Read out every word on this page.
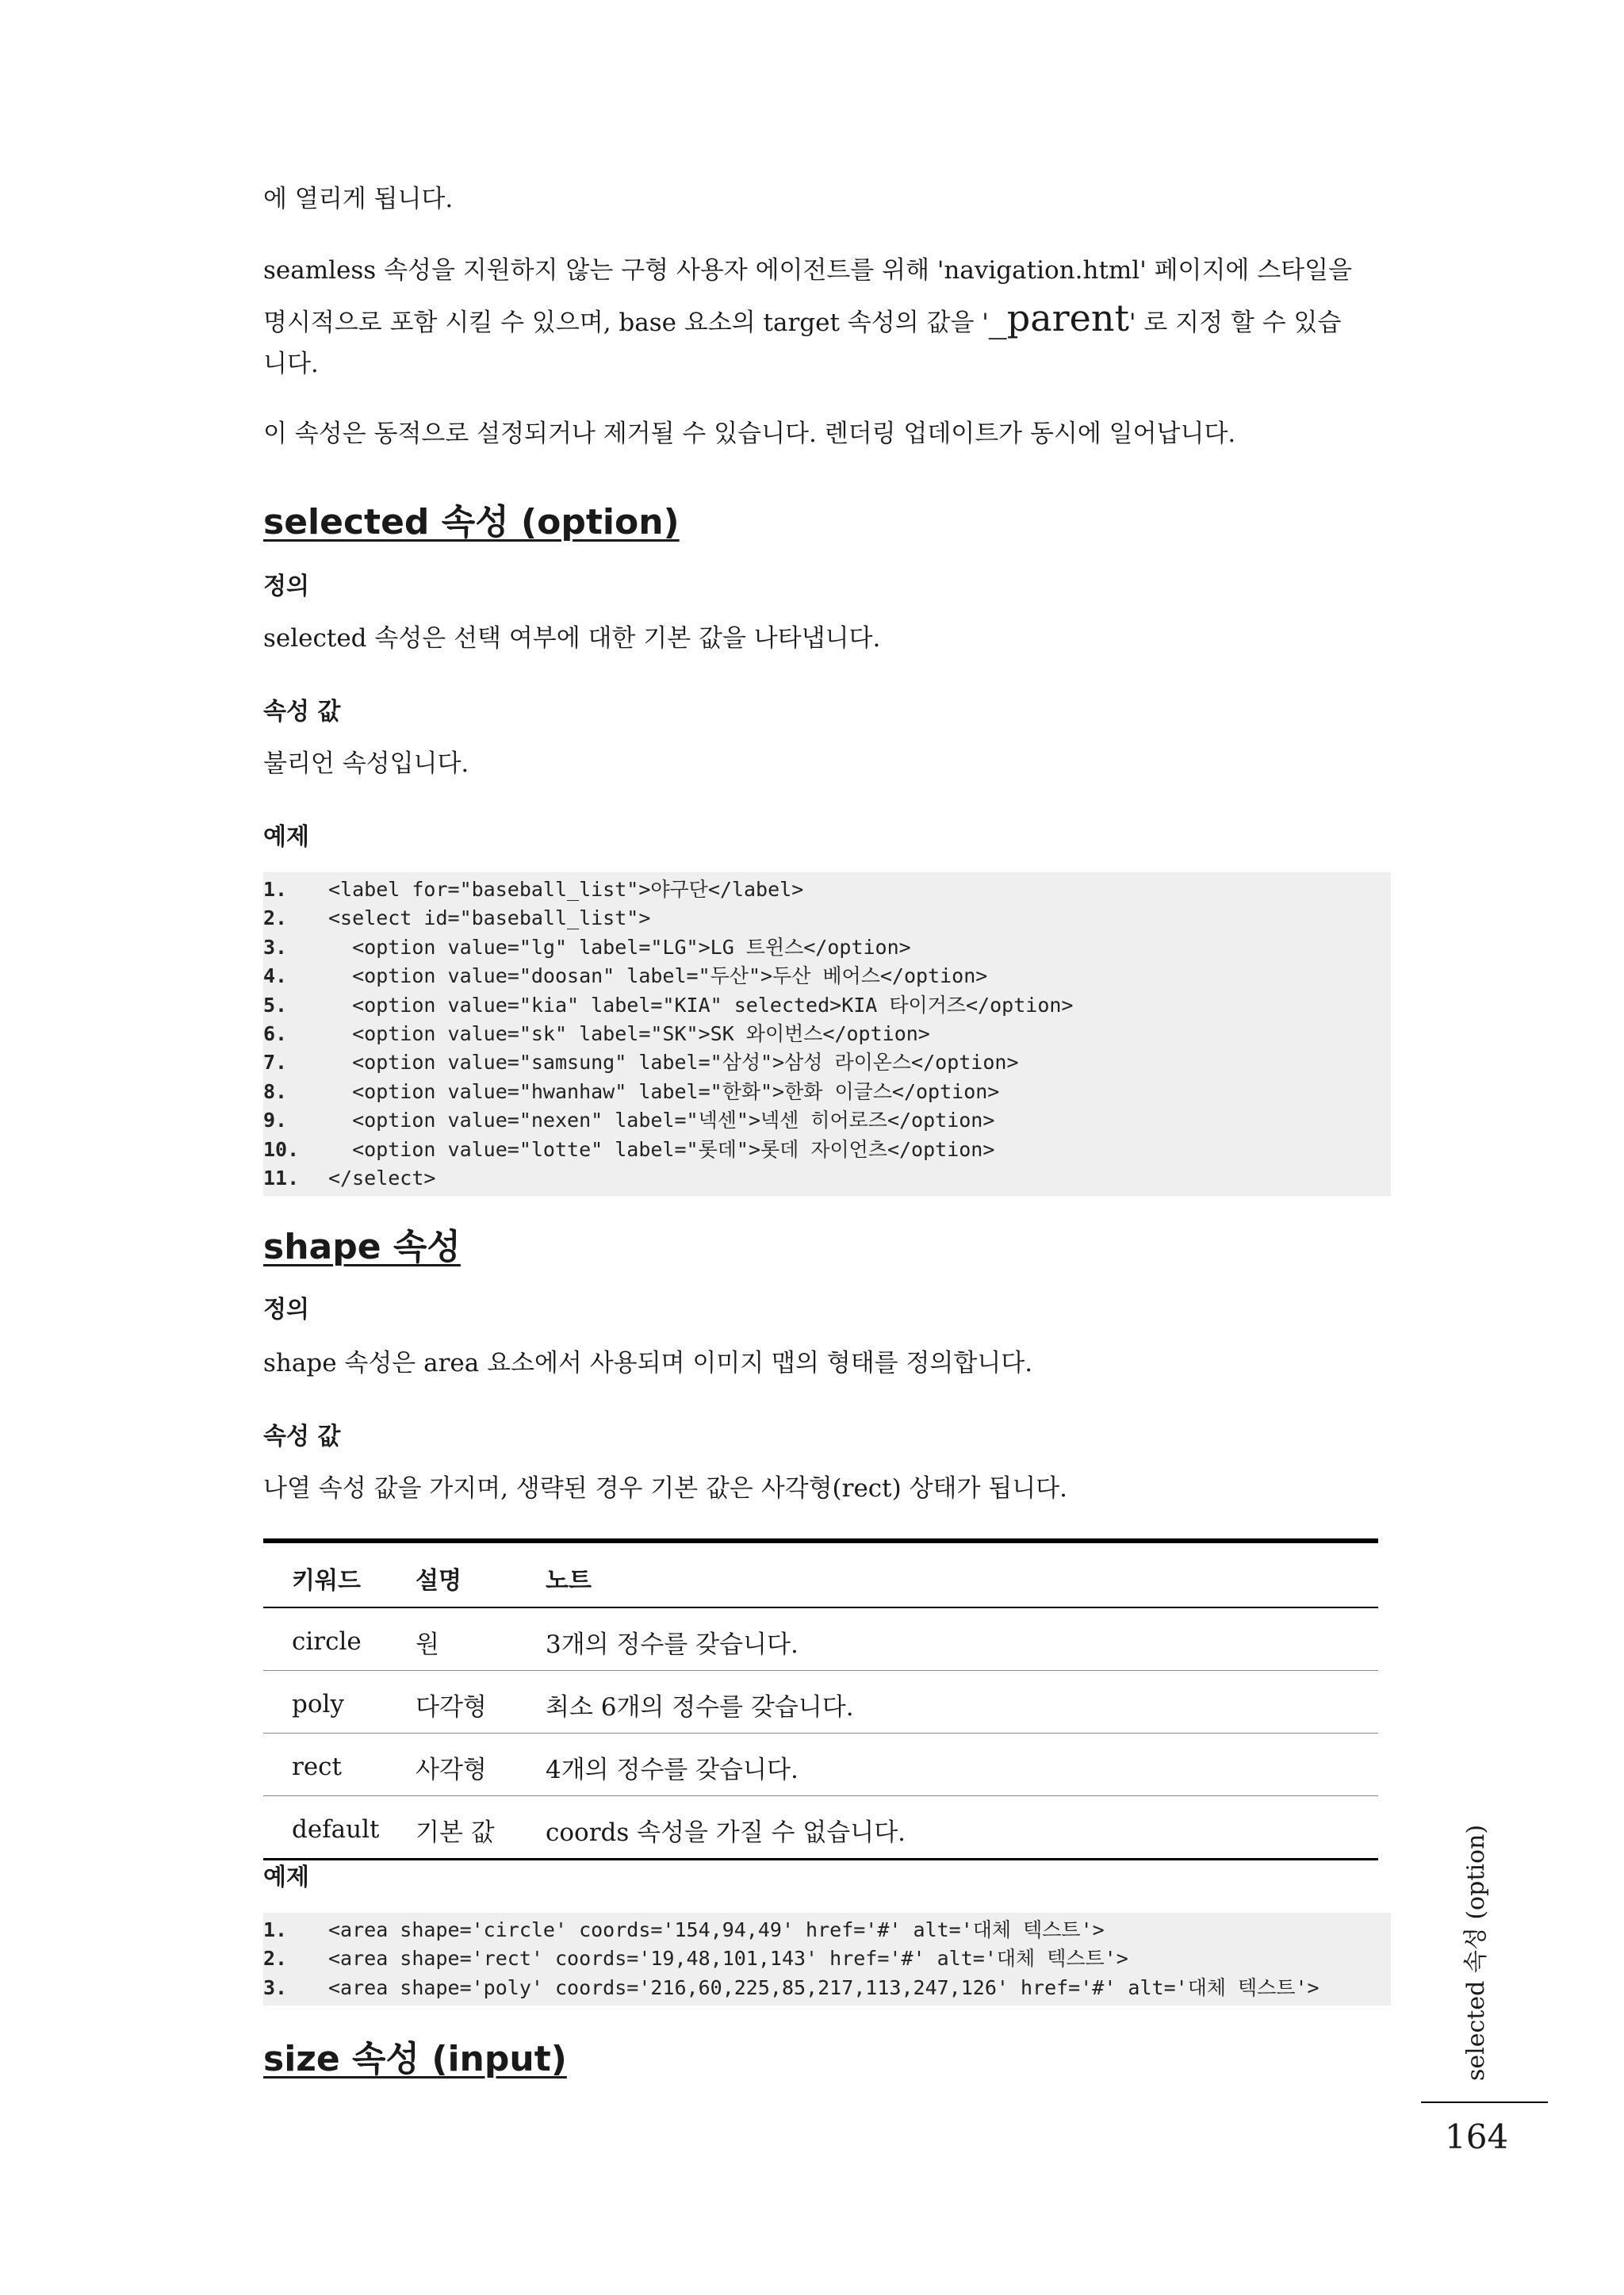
에 열리게 됩니다.

seamless 속성을 지원하지 않는 구형 사용자 에이전트를 위해 'navigation.html' 페이지에 스타일을

명시적으로 포함 시킬 수 있으며, base 요소의 target 속성의 값을 '_parent' 로 지정 할 수 있습

니다.

이 속성은 동적으로 설정되거나 제거될 수 있습니다. 렌더링 업데이트가 동시에 일어납니다.

selected 속성 (option)
정의

selected 속성은 선택 여부에 대한 기본 값을 나타냅니다.

속성 값

불리언 속성입니다.

예제
1.	<label for="baseball_list">야구단</label>
2.	<select id="baseball_list">
3.	<option value="lg" label="LG">LG 트윈스</option>
4.	<option value="doosan" label="두산">두산 베어스</option>
5.	<option value="kia" label="KIA" selected>KIA 타이거즈</option>
6.	<option value="sk" label="SK">SK 와이번스</option>
7.	<option value="samsung" label="삼성">삼성 라이온스</option>
8.	<option value="hwanhaw" label="한화">한화 이글스</option>
9.	<option value="nexen" label="넥센">넥센 히어로즈</option>
10.	<option value="lotte" label="롯데">롯데 자이언츠</option>
11.	</select>
shape 속성
정의

shape 속성은 area 요소에서 사용되며 이미지 맵의 형태를 정의합니다.

속성 값

나열 속성 값을 가지며, 생략된 경우 기본 값은 사각형(rect) 상태가 됩니다.

키워드	설명	노트
circle	원	3개의 정수를 갖습니다.
poly	다각형	최소 6개의 정수를 갖습니다.
rect	사각형	4개의 정수를 갖습니다.
default	기본 값	coords 속성을 가질 수 없습니다.
예제
1.	<area shape='circle' coords='154,94,49' href='#' alt='대체 텍스트'>
2.	<area shape='rect' coords='19,48,101,143' href='#' alt='대체 텍스트'>
3.	<area shape='poly' coords='216,60,225,85,217,113,247,126' href='#' alt='대체 텍스트'>
size 속성 (input)	selected 속성 (option)
164
